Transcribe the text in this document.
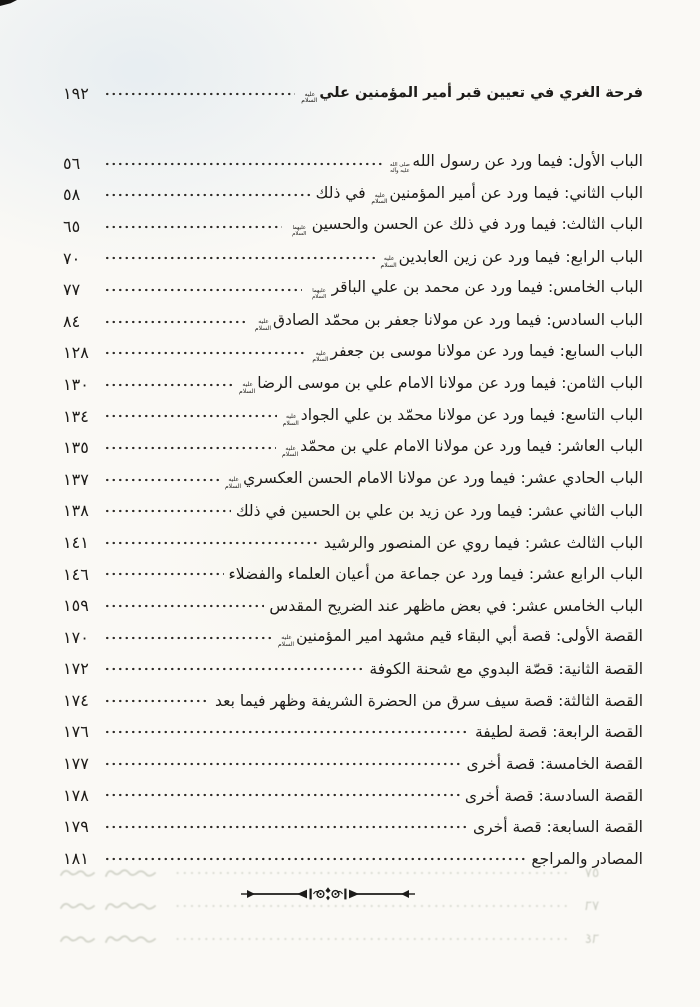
فرحة الغري في تعيين قبر أمير المؤمنين عليعليه السلام
١٩٢
الباب الأول: فيما ورد عن رسول اللهصلى الله عليه وآله
٥٦
الباب الثاني: فيما ورد عن أمير المؤمنينعليه السلام في ذلك
٥٨
الباب الثالث: فيما ورد في ذلك عن الحسن والحسينعليهما السلام
٦٥
الباب الرابع: فيما ورد عن زين العابدينعليه السلام
٧٠
الباب الخامس: فيما ورد عن محمد بن علي الباقرعليهما السلام
٧٧
الباب السادس: فيما ورد عن مولانا جعفر بن محمّد الصادقعليه السلام
٨٤
الباب السابع: فيما ورد عن مولانا موسى بن جعفرعليه السلام
١٢٨
الباب الثامن: فيما ورد عن مولانا الامام علي بن موسى الرضاعليه السلام
١٣٠
الباب التاسع: فيما ورد عن مولانا محمّد بن علي الجوادعليه السلام
١٣٤
الباب العاشر: فيما ورد عن مولانا الامام علي بن محمّدعليه السلام
١٣٥
الباب الحادي عشر: فيما ورد عن مولانا الامام الحسن العكسريعليه السلام
١٣٧
الباب الثاني عشر: فيما ورد عن زيد بن علي بن الحسين في ذلك
١٣٨
الباب الثالث عشر: فيما روي عن المنصور والرشيد
١٤١
الباب الرابع عشر: فيما ورد عن جماعة من أعيان العلماء والفضلاء
١٤٦
الباب الخامس عشر: في بعض ماظهر عند الضريح المقدس
١٥٩
القصة الأولى: قصة أبي البقاء قيم مشهد امير المؤمنينعليه السلام
١٧٠
القصة الثانية: قصّة البدوي مع شحنة الكوفة
١٧٢
القصة الثالثة: قصة سيف سرق من الحضرة الشريفة وظهر فيما بعد
١٧٤
القصة الرابعة: قصة لطيفة
١٧٦
القصة الخامسة: قصة أخرى
١٧٧
القصة السادسة: قصة أخرى
١٧٨
القصة السابعة: قصة أخرى
١٧٩
المصادر والمراجع
١٨١
٥٧
٧٦
٦٤
